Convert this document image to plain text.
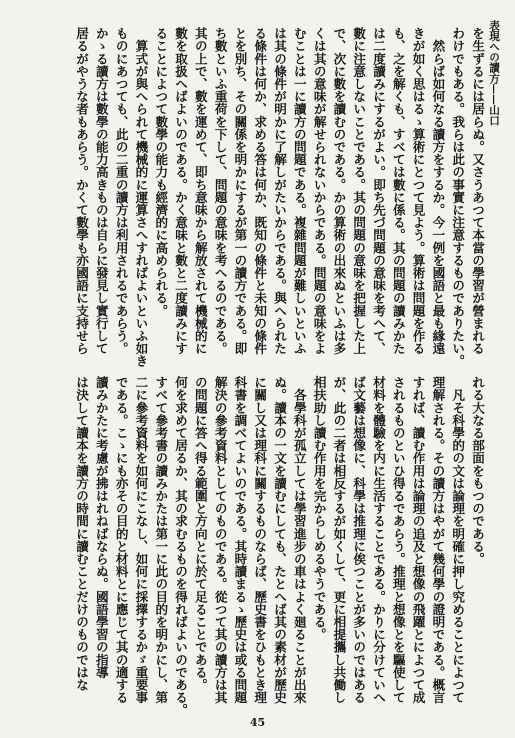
表現への讀方——山口
を生ずるには居らぬ。又さうあつて本當の學習が營まれる
わけでもある。我らは此の事實に注意するものでありたい。
　然らば如何なる讀方をするか。今一例を國語と最も緣遠
きが如く思はるゝ算術にとつて見よう。算術は問題を作る
も、之を解くも、すべては數に係る。其の問題の讀みかた
は二度讀みにするがよい。即ち先づ問題の意味を考へて、
數に注意しないことである。其の問題の意味を把握した上
で、次に數を讀むのである。かの算術の出來ぬといふは多
くは其の意味が解せられないからである。問題の意味をよ
むことは一に讀方の問題である。複雜問題が難しいといふ
は其の條件が明かに了解しがたいからである。與へられた
る條件は何か、求める答は何か、既知の條件と未知の條件
とを別ち、その關係を明かにするが第一の讀方である。即
ち數といふ重荷を下して、問題の意味を考へるのである。
其の上で、數を運めて、即ち意味から解放されて機械的に
數を取扱へばよいのである。かく意味と數と二度讀みにす
ることによつて數學の能力も經濟的に高められる。
　算式が與へられて機械的に運算さへすればよいといふ如き
ものにあつても、此の二重の讀方は利用されるであらう。
かゝる讀方は數學の能力高きものは自らに發見し實行して
居るがやうな者もあらう。かくて數學も亦國語に支持せら
れる大なる部面をもつのである。
　凡そ科學的の文は論理を明確に押し究めることによつて
理解される。その讀方はやがて幾何學の證明である。概言
すれば、讀む作用は論理の追及と想像の飛躍とによつて成
されるものといひ得るであらう。推理と想像とを驅使して
材料を體驗を内に生活することである。かりに分けていへ
ば文藝は想像に、科學は推理に俟つことが多いのではある
が、此の二者は相反するが如くして、更に相提攜し共働し
相扶助し讀む作用を完からしめるやうである。
　各學科が孤立しては學習進步の車はよく廻ることが出來
ぬ。讀本の一文を讀むにしても、たとへば其の素材が歷史
に關し又は理科に關するものならば、歷史書をひもとき理
科書を調べてよいのである。其時讀まるゝ歷史は或る問題
解決の參考資料としてのものである。從つて其の讀方は其
の問題に答へ得る範圍と方向とに於て足ることである。
何を求めて居るか、其の求むるものを得ればよいのである。
すべて參考書の讀みかたは第一に此の目的を明かにし、第
二に參考資料を如何にこなし、如何に採擇するかゞ重要事
である。こゝにも亦その目的と材料とに應じて其の適する
讀みかたに考慮が拂はれねばならぬ。國語學習の指導
は決して讀本を讀方の時間に讀むことだけのものではな
45
